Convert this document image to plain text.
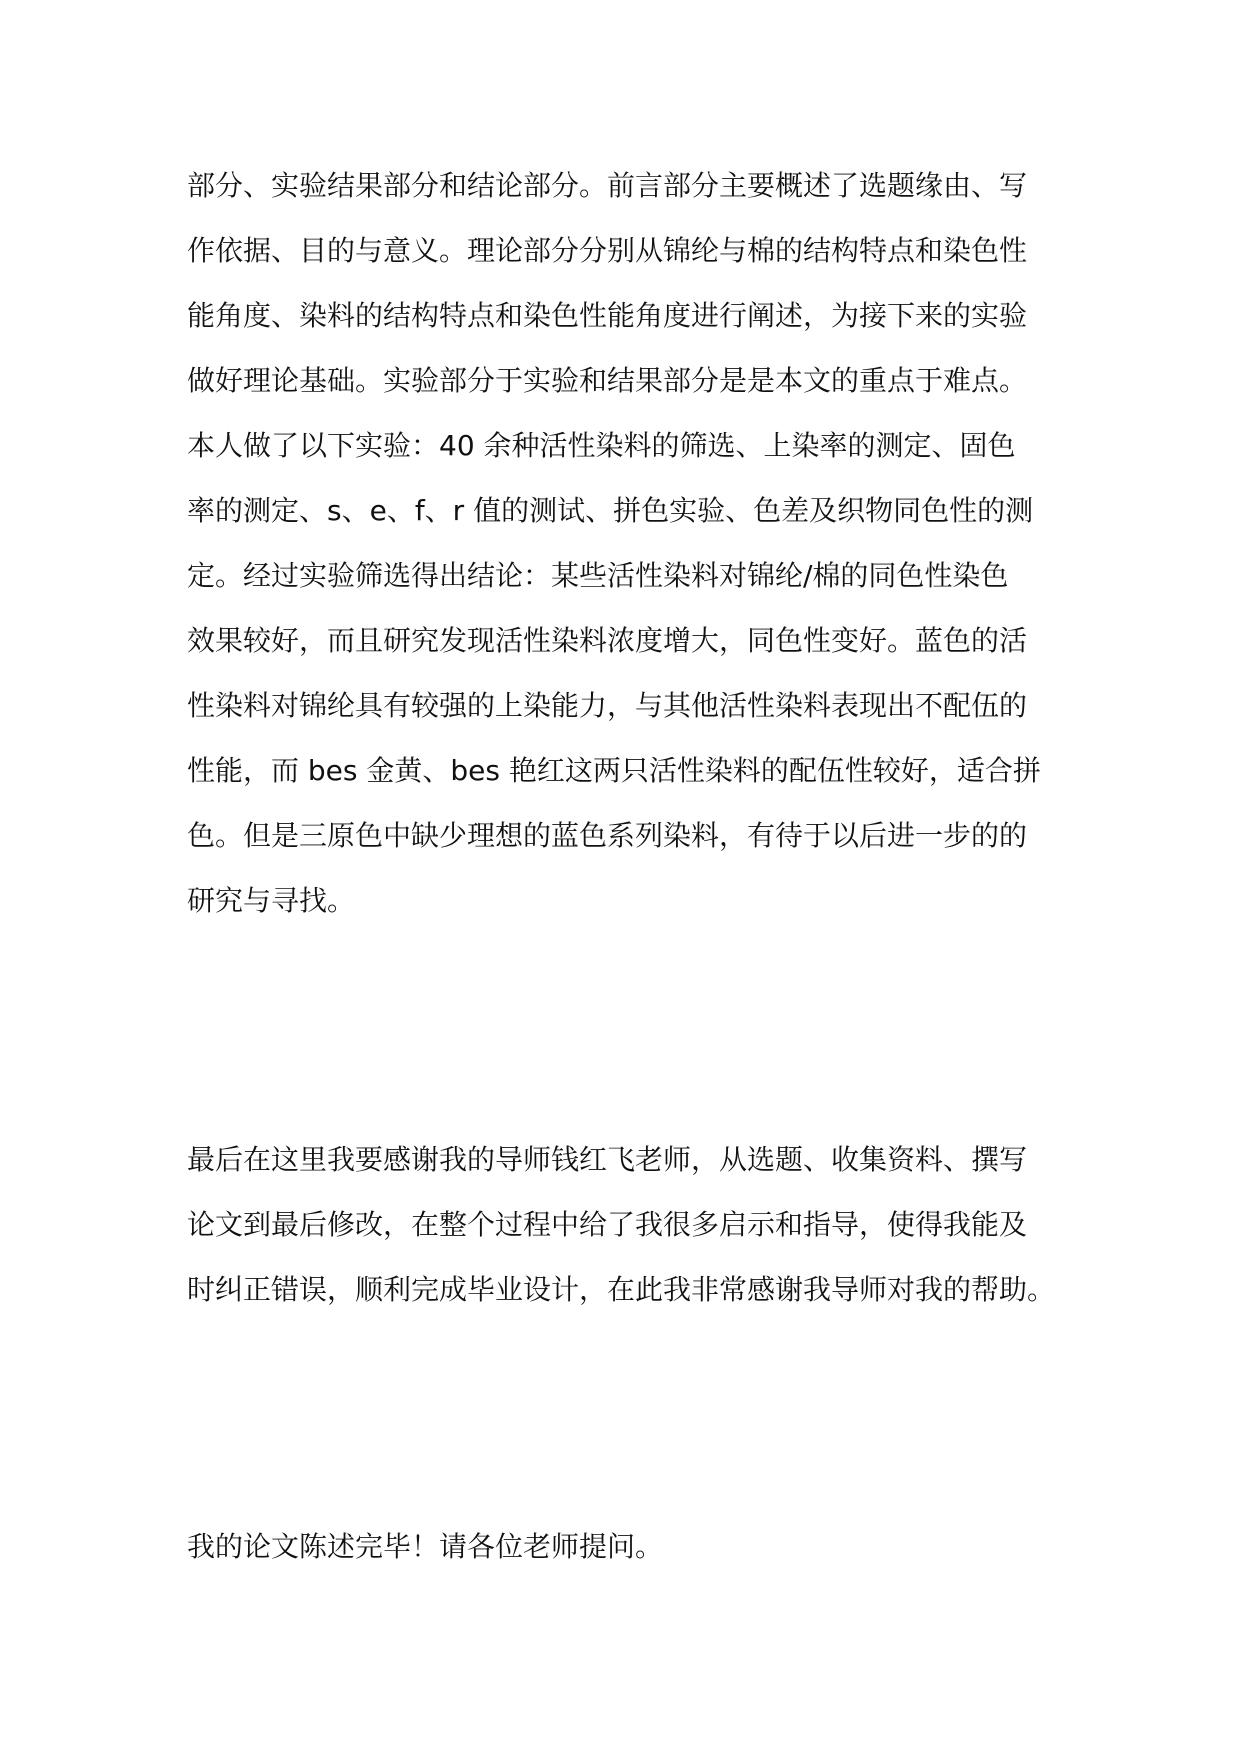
部分、实验结果部分和结论部分。前言部分主要概述了选题缘由、写
作依据、目的与意义。理论部分分别从锦纶与棉的结构特点和染色性
能角度、染料的结构特点和染色性能角度进行阐述，为接下来的实验
做好理论基础。实验部分于实验和结果部分是是本文的重点于难点。
本人做了以下实验：40 余种活性染料的筛选、上染率的测定、固色
率的测定、s、e、f、r 值的测试、拼色实验、色差及织物同色性的测
定。经过实验筛选得出结论：某些活性染料对锦纶/棉的同色性染色
效果较好，而且研究发现活性染料浓度增大，同色性变好。蓝色的活
性染料对锦纶具有较强的上染能力，与其他活性染料表现出不配伍的
性能，而 bes 金黄、bes 艳红这两只活性染料的配伍性较好，适合拼
色。但是三原色中缺少理想的蓝色系列染料，有待于以后进一步的的
研究与寻找。
最后在这里我要感谢我的导师钱红飞老师，从选题、收集资料、撰写
论文到最后修改，在整个过程中给了我很多启示和指导，使得我能及
时纠正错误，顺利完成毕业设计，在此我非常感谢我导师对我的帮助。
我的论文陈述完毕！请各位老师提问。
